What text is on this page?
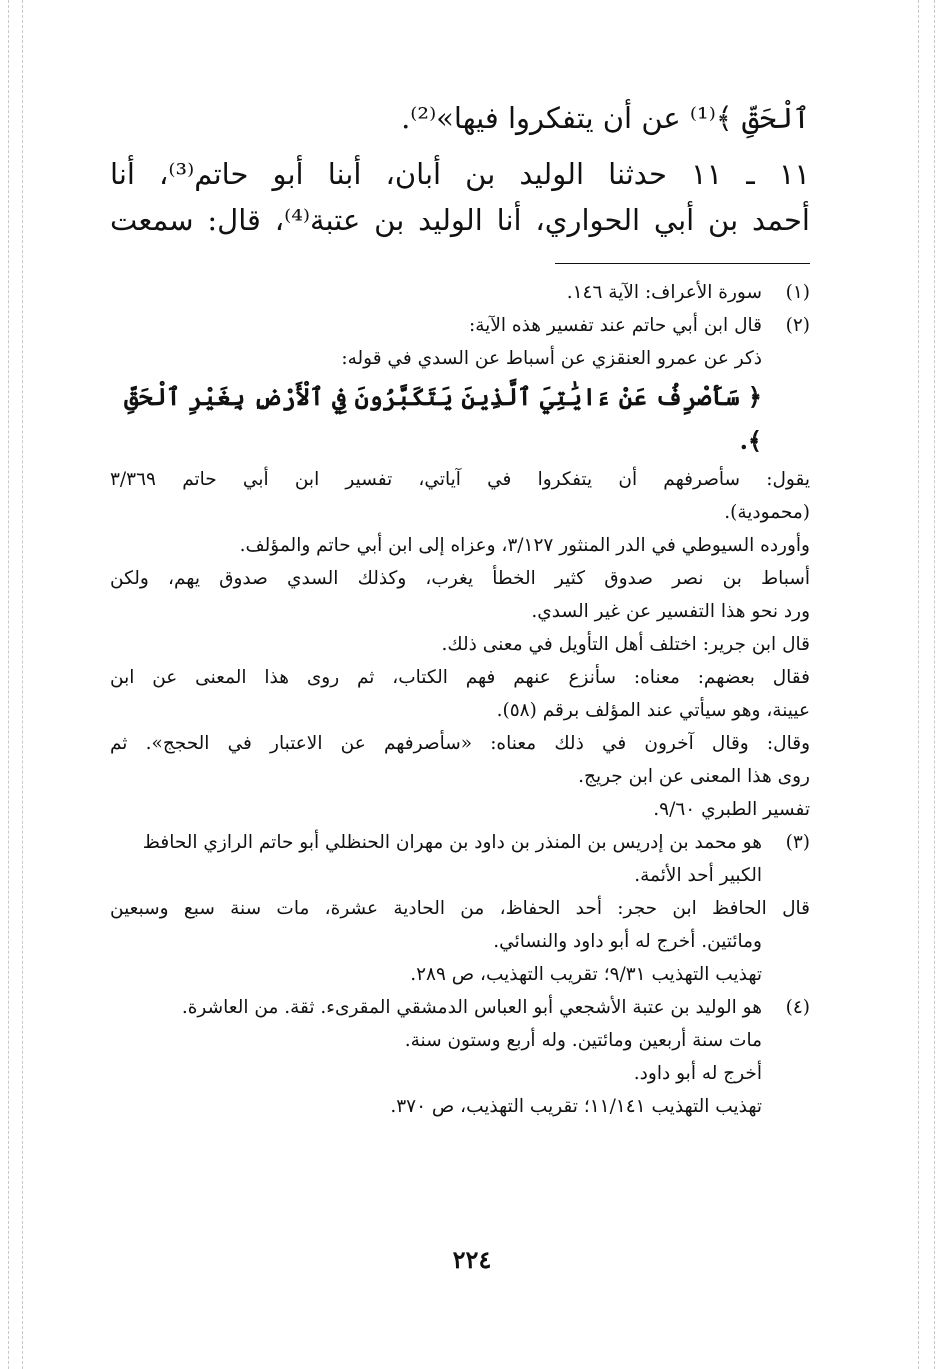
ٱلْحَقِّ ﴾⁽¹⁾ عن أن يتفكروا فيها»⁽²⁾.
١١ ـ ١١ حدثنا الوليد بن أبان، أبنا أبو حاتم⁽³⁾، أنا
أحمد بن أبي الحواري، أنا الوليد بن عتبة⁽⁴⁾، قال: سمعت
(١)سورة الأعراف: الآية ١٤٦.
(٢)قال ابن أبي حاتم عند تفسير هذه الآية:
ذكر عن عمرو العنقزي عن أسباط عن السدي في قوله:
﴿ سَأَصْرِفُ عَنْ ءَايَٰتِيَ ٱلَّذِينَ يَتَكَبَّرُونَ فِي ٱلْأَرْضِ بِغَيْرِ ٱلْحَقِّ ﴾.
يقول: سأصرفهم أن يتفكروا في آياتي، تفسير ابن أبي حاتم ٣/٣٦٩
(محمودية).
وأورده السيوطي في الدر المنثور ٣/١٢٧، وعزاه إلى ابن أبي حاتم والمؤلف.
أسباط بن نصر صدوق كثير الخطأ يغرب، وكذلك السدي صدوق يهم، ولكن
ورد نحو هذا التفسير عن غير السدي.
قال ابن جرير: اختلف أهل التأويل في معنى ذلك.
فقال بعضهم: معناه: سأنزع عنهم فهم الكتاب، ثم روى هذا المعنى عن ابن
عيينة، وهو سيأتي عند المؤلف برقم (٥٨).
وقال: وقال آخرون في ذلك معناه: «سأصرفهم عن الاعتبار في الحجج». ثم
روى هذا المعنى عن ابن جريج.
تفسير الطبري ٩/٦٠.
(٣)هو محمد بن إدريس بن المنذر بن داود بن مهران الحنظلي أبو حاتم الرازي الحافظ
الكبير أحد الأئمة.
قال الحافظ ابن حجر: أحد الحفاظ، من الحادية عشرة، مات سنة سبع وسبعين
ومائتين. أخرج له أبو داود والنسائي.
تهذيب التهذيب ٩/٣١؛ تقريب التهذيب، ص ٢٨٩.
(٤)هو الوليد بن عتبة الأشجعي أبو العباس الدمشقي المقرىء. ثقة. من العاشرة.
مات سنة أربعين ومائتين. وله أربع وستون سنة.
أخرج له أبو داود.
تهذيب التهذيب ١١/١٤١؛ تقريب التهذيب، ص ٣٧٠.
٢٢٤
